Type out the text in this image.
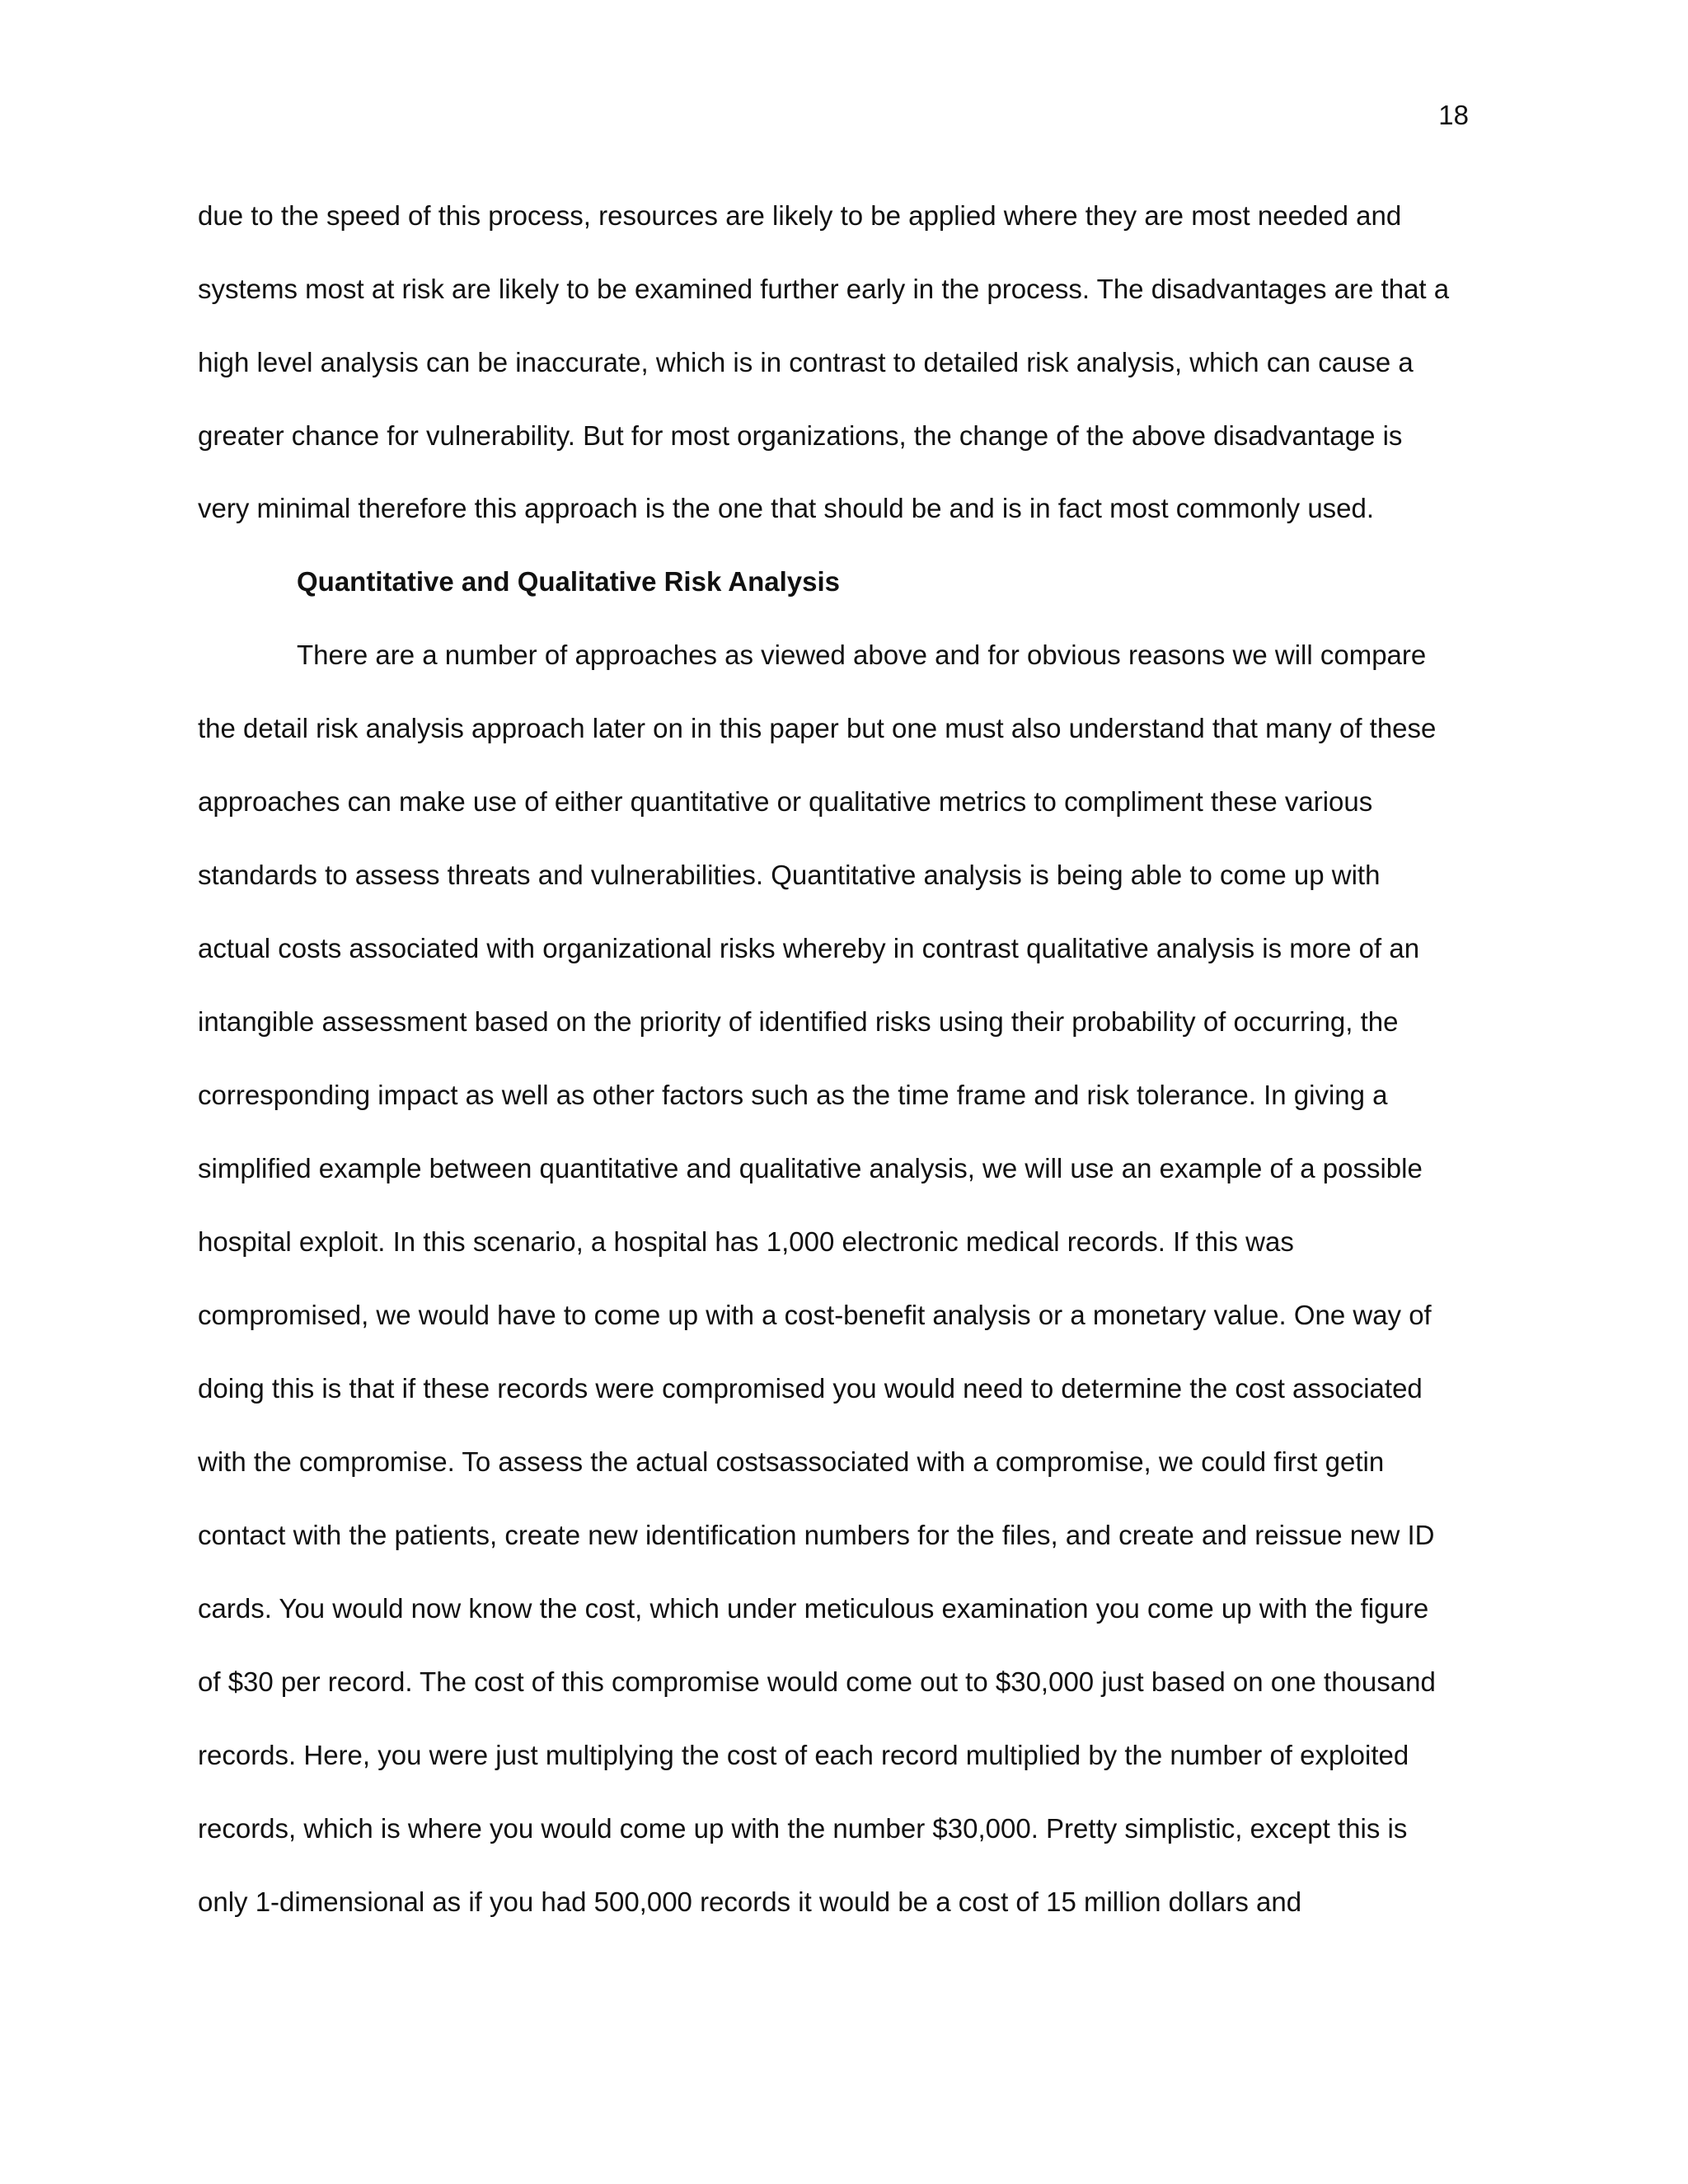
18
due to the speed of this process, resources are likely to be applied where they are most needed and
systems most at risk are likely to be examined further early in the process. The disadvantages are that a
high level analysis can be inaccurate, which is in contrast to detailed risk analysis, which can cause a
greater chance for vulnerability. But for most organizations, the change of the above disadvantage is
very minimal therefore this approach is the one that should be and is in fact most commonly used.
Quantitative and Qualitative Risk Analysis
There are a number of approaches as viewed above and for obvious reasons we will compare
the detail risk analysis approach later on in this paper but one must also understand that many of these
approaches can make use of either quantitative or qualitative metrics to compliment these various
standards to assess threats and vulnerabilities. Quantitative analysis is being able to come up with
actual costs associated with organizational risks whereby in contrast qualitative analysis is more of an
intangible assessment based on the priority of identified risks using their probability of occurring, the
corresponding impact as well as other factors such as the time frame and risk tolerance. In giving a
simplified example between quantitative and qualitative analysis, we will use an example of a possible
hospital exploit. In this scenario, a hospital has 1,000 electronic medical records. If this was
compromised, we would have to come up with a cost-benefit analysis or a monetary value. One way of
doing this is that if these records were compromised you would need to determine the cost associated
with the compromise. To assess the actual costsassociated with a compromise, we could first getin
contact with the patients, create new identification numbers for the files, and create and reissue new ID
cards. You would now know the cost, which under meticulous examination you come up with the figure
of $30 per record. The cost of this compromise would come out to $30,000 just based on one thousand
records. Here, you were just multiplying the cost of each record multiplied by the number of exploited
records, which is where you would come up with the number $30,000. Pretty simplistic, except this is
only 1-dimensional as if you had 500,000 records it would be a cost of 15 million dollars and
